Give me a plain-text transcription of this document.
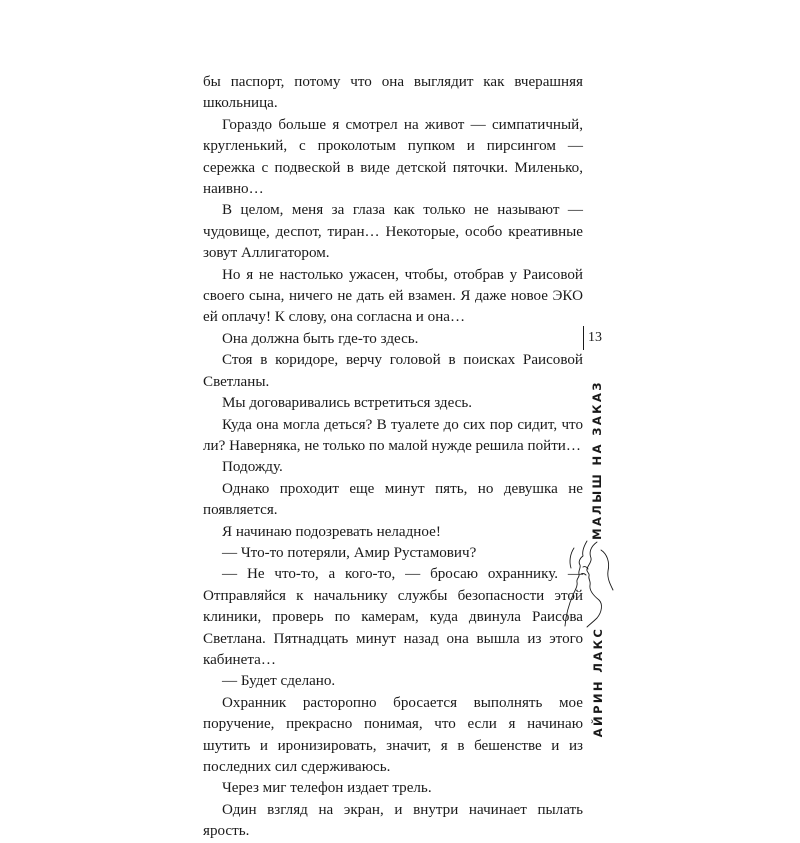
бы паспорт, потому что она выглядит как вчерашняя школьница.

Гораздо больше я смотрел на живот — симпатичный, кругленький, с проколотым пупком и пирсингом — сережка с подвеской в виде детской пяточки. Миленько, наивно…

В целом, меня за глаза как только не называют — чудовище, деспот, тиран… Некоторые, особо креативные зовут Аллигатором.

Но я не настолько ужасен, чтобы, отобрав у Раисовой своего сына, ничего не дать ей взамен. Я даже новое ЭКО ей оплачу! К слову, она согласна и она…

Она должна быть где-то здесь.

Стоя в коридоре, верчу головой в поисках Раисовой Светланы.

Мы договаривались встретиться здесь.

Куда она могла деться? В туалете до сих пор сидит, что ли? Наверняка, не только по малой нужде решила пойти…

Подожду.

Однако проходит еще минут пять, но девушка не появляется.

Я начинаю подозревать неладное!

— Что-то потеряли, Амир Рустамович?

— Не что-то, а кого-то, — бросаю охраннику. — Отправляйся к начальнику службы безопасности этой клиники, проверь по камерам, куда двинула Раисова Светлана. Пятнадцать минут назад она вышла из этого кабинета…

— Будет сделано.

Охранник расторопно бросается выполнять мое поручение, прекрасно понимая, что если я начинаю шутить и иронизировать, значит, я в бешенстве и из последних сил сдерживаюсь.

Через миг телефон издает трель.

Один взгляд на экран, и внутри начинает пылать ярость.

13
МАЛЫШ НА ЗАКАЗ
АЙРИН ЛАКС
